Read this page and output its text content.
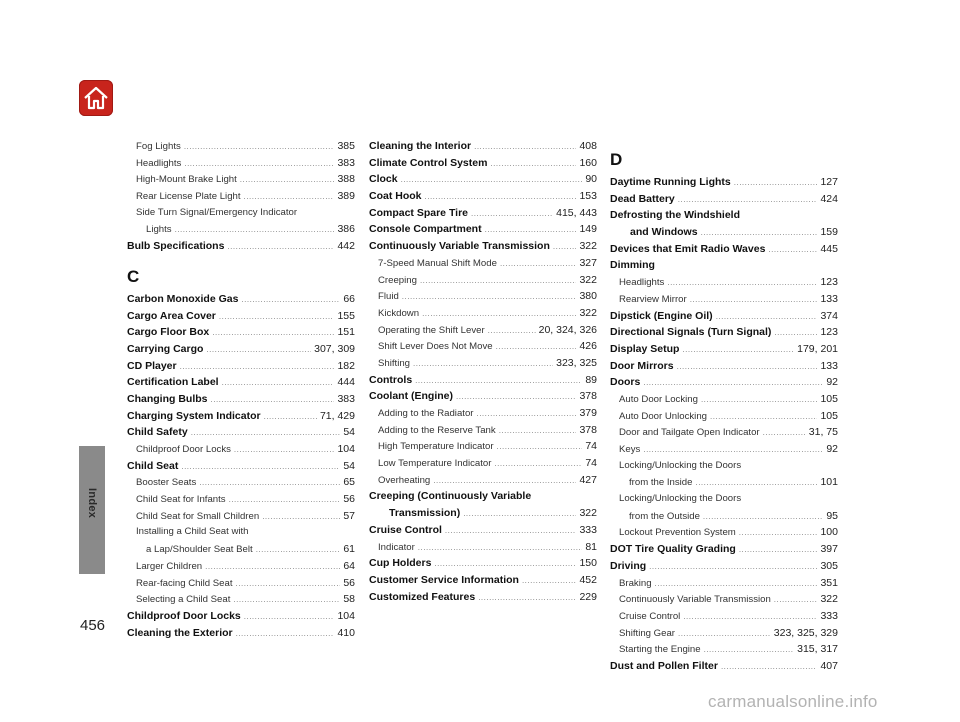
Index
456
Fog Lights .....	385
Headlights .....	383
High-Mount Brake Light .....	388
Rear License Plate Light .....	389
Side Turn Signal/Emergency Indicator
Lights .....	386
Bulb Specifications .....	442
C
Carbon Monoxide Gas .....	66
Cargo Area Cover .....	155
Cargo Floor Box .....	151
Carrying Cargo .....	307, 309
CD Player .....	182
Certification Label .....	444
Changing Bulbs .....	383
Charging System Indicator .....	71, 429
Child Safety .....	54
Childproof Door Locks .....	104
Child Seat .....	54
Booster Seats .....	65
Child Seat for Infants .....	56
Child Seat for Small Children .....	57
Installing a Child Seat with
a Lap/Shoulder Seat Belt .....	61
Larger Children .....	64
Rear-facing Child Seat .....	56
Selecting a Child Seat .....	58
Childproof Door Locks .....	104
Cleaning the Exterior .....	410
Cleaning the Interior .....	408
Climate Control System .....	160
Clock .....	90
Coat Hook .....	153
Compact Spare Tire .....	415, 443
Console Compartment .....	149
Continuously Variable Transmission .....	322
7-Speed Manual Shift Mode .....	327
Creeping .....	322
Fluid .....	380
Kickdown .....	322
Operating the Shift Lever .....	20, 324, 326
Shift Lever Does Not Move .....	426
Shifting .....	323, 325
Controls .....	89
Coolant (Engine) .....	378
Adding to the Radiator .....	379
Adding to the Reserve Tank .....	378
High Temperature Indicator .....	74
Low Temperature Indicator .....	74
Overheating .....	427
Creeping (Continuously Variable
Transmission) .....	322
Cruise Control .....	333
Indicator .....	81
Cup Holders .....	150
Customer Service Information .....	452
Customized Features .....	229
D
Daytime Running Lights .....	127
Dead Battery .....	424
Defrosting the Windshield
and Windows .....	159
Devices that Emit Radio Waves .....	445
Dimming
Headlights .....	123
Rearview Mirror .....	133
Dipstick (Engine Oil) .....	374
Directional Signals (Turn Signal) .....	123
Display Setup .....	179, 201
Door Mirrors .....	133
Doors .....	92
Auto Door Locking .....	105
Auto Door Unlocking .....	105
Door and Tailgate Open Indicator .....	31, 75
Keys .....	92
Locking/Unlocking the Doors
from the Inside .....	101
Locking/Unlocking the Doors
from the Outside .....	95
Lockout Prevention System .....	100
DOT Tire Quality Grading .....	397
Driving .....	305
Braking .....	351
Continuously Variable Transmission .....	322
Cruise Control .....	333
Shifting Gear .....	323, 325, 329
Starting the Engine .....	315, 317
Dust and Pollen Filter .....	407
carmanualsonline.info
